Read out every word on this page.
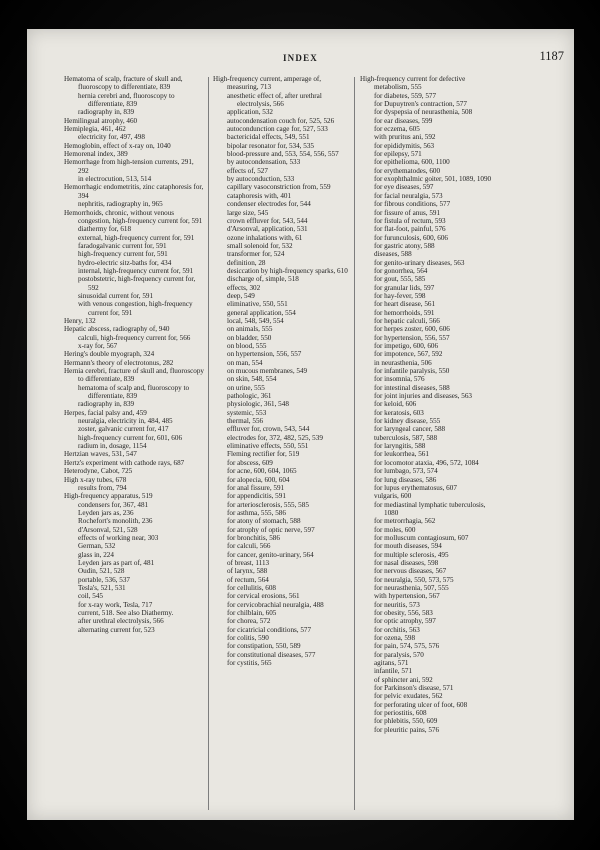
INDEX	1187
Hematoma of scalp, fracture of skull and, fluoroscopy to differentiate, 839
hernia cerebri and, fluoroscopy to differentiate, 839
radiography in, 839
Hemilingual atrophy, 460
Hemiplegia, 461, 462
electricity for, 497, 498
Hemoglobin, effect of x-ray on, 1040
Hemorenal index, 389
Hemorrhage from high-tension currents, 291, 292
in electrocution, 513, 514
Hemorrhagic endometritis, zinc cataphoresis for, 394
nephritis, radiography in, 965
Hemorrhoids, chronic, without venous congestion, high-frequency current for, 591
diathermy for, 618
external, high-frequency current for, 591
faradogalvanic current for, 591
high-frequency current for, 591
hydro-electric sitz-baths for, 434
internal, high-frequency current for, 591
postobstetric, high-frequency current for, 592
sinusoidal current for, 591
with venous congestion, high-frequency current for, 591
Henry, 132
Hepatic abscess, radiography of, 940
calculi, high-frequency current for, 566
x-ray for, 567
Hering's double myograph, 324
Hermann's theory of electrotonus, 282
Hernia cerebri, fracture of skull and, fluoroscopy to differentiate, 839
hematoma of scalp and, fluoroscopy to differentiate, 839
radiography in, 839
Herpes, facial palsy and, 459
neuralgia, electricity in, 484, 485
zoster, galvanic current for, 417
high-frequency current for, 601, 606
radium in, dosage, 1154
Hertzian waves, 531, 547
Hertz's experiment with cathode rays, 687
Heterodyne, Cabot, 725
High x-ray tubes, 678
results from, 794
High-frequency apparatus, 519
condensers for, 367, 481
Leyden jars as, 236
Rochefort's monolith, 236
d'Arsonval, 521, 528
effects of working near, 303
German, 532
glass in, 224
Leyden jars as part of, 481
Oudin, 521, 528
portable, 536, 537
Tesla's, 521, 531
coil, 545
for x-ray work, Tesla, 717
current, 518. See also Diathermy.
after urethral electrolysis, 566
alternating current for, 523
High-frequency current, amperage of, measuring, 713
anesthetic effect of, after urethral electrolysis, 566
application, 532
autocondensation couch for, 525, 526
autocondunction cage for, 527, 533
bactericidal effects, 549, 551
bipolar resonator for, 534, 535
blood-pressure and, 553, 554, 556, 557
by autocondensation, 533
effects of, 527
by autoconduction, 533
capillary vasoconstriction from, 559
cataphoresis with, 401
condenser electrodes for, 544
large size, 545
crown effluver for, 543, 544
d'Arsonval, application, 531
ozone inhalations with, 61
small solenoid for, 532
transformer for, 524
definition, 28
desiccation by high-frequency sparks, 610
discharge of, simple, 518
effects, 302
deep, 549
eliminative, 550, 551
general application, 554
local, 548, 549, 554
on animals, 555
on bladder, 550
on blood, 555
on hypertension, 556, 557
on man, 554
on mucous membranes, 549
on skin, 548, 554
on urine, 555
pathologic, 361
physiologic, 361, 548
systemic, 553
thermal, 556
effluver for, crown, 543, 544
electrodes for, 372, 482, 525, 539
eliminative effects, 550, 551
Fleming rectifier for, 519
for abscess, 609
for acne, 600, 604, 1065
for alopecia, 600, 604
for anal fissure, 591
for appendicitis, 591
for arteriosclerosis, 555, 585
for asthma, 555, 586
for atony of stomach, 588
for atrophy of optic nerve, 597
for bronchitis, 586
for calculi, 566
for cancer, genito-urinary, 564
of breast, 1113
of larynx, 588
of rectum, 564
for cellulitis, 608
for cervical erosions, 561
for cervicobrachial neuralgia, 488
for chilblain, 605
for chorea, 572
for cicatricial conditions, 577
for colitis, 590
for constipation, 550, 589
for constitutional diseases, 577
for cystitis, 565
High-frequency current for defective metabolism, 555
for diabetes, 559, 577
for Dupuytren's contraction, 577
for dyspepsia of neurasthenia, 508
for ear diseases, 599
for eczema, 605
with pruritus ani, 592
for epididymitis, 563
for epilepsy, 571
for epithelioma, 600, 1100
for erythematodes, 600
for exophthalmic goiter, 501, 1089, 1090
for eye diseases, 597
for facial neuralgia, 573
for fibrous conditions, 577
for fissure of anus, 591
for fistula of rectum, 593
for flat-foot, painful, 576
for furunculosis, 600, 606
for gastric atony, 588
diseases, 588
for genito-urinary diseases, 563
for gonorrhea, 564
for gout, 555, 585
for granular lids, 597
for hay-fever, 598
for heart disease, 561
for hemorrhoids, 591
for hepatic calculi, 566
for herpes zoster, 600, 606
for hypertension, 556, 557
for impetigo, 600, 606
for impotence, 567, 592
in neurasthenia, 506
for infantile paralysis, 550
for insomnia, 576
for intestinal diseases, 588
for joint injuries and diseases, 563
for keloid, 606
for keratosis, 603
for kidney disease, 555
for laryngeal cancer, 588
tuberculosis, 587, 588
for laryngitis, 588
for leukorrhea, 561
for locomotor ataxia, 496, 572, 1084
for lumbago, 573, 574
for lung diseases, 586
for lupus erythematosus, 607
vulgaris, 600
for mediastinal lymphatic tuberculosis, 1080
for metrorrhagia, 562
for moles, 600
for molluscum contagiosum, 607
for mouth diseases, 594
for multiple sclerosis, 495
for nasal diseases, 598
for nervous diseases, 567
for neuralgia, 550, 573, 575
for neurasthenia, 507, 555
with hypertension, 567
for neuritis, 573
for obesity, 556, 583
for optic atrophy, 597
for orchitis, 563
for ozena, 598
for pain, 574, 575, 576
for paralysis, 570
agitans, 571
infantile, 571
of sphincter ani, 592
for Parkinson's disease, 571
for pelvic exudates, 562
for perforating ulcer of foot, 608
for periostitis, 608
for phlebitis, 550, 609
for pleuritic pains, 576
